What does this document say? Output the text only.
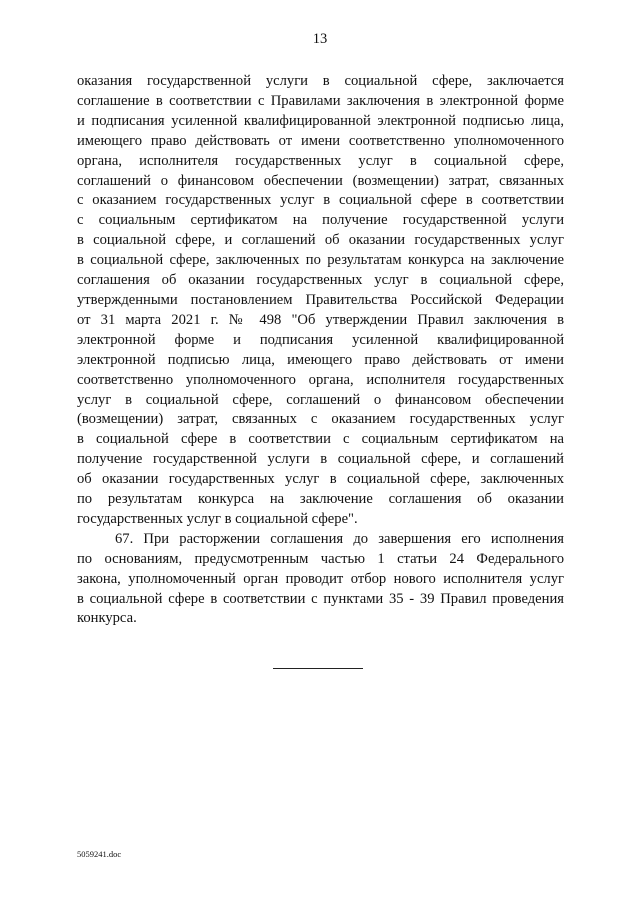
13
оказания государственной услуги в социальной сфере, заключается
соглашение в соответствии с Правилами заключения в электронной форме
и подписания усиленной квалифицированной электронной подписью лица,
имеющего право действовать от имени соответственно уполномоченного
органа, исполнителя государственных услуг в социальной сфере,
соглашений о финансовом обеспечении (возмещении) затрат, связанных
с оказанием государственных услуг в социальной сфере в соответствии
с социальным сертификатом на получение государственной услуги
в социальной сфере, и соглашений об оказании государственных услуг
в социальной сфере, заключенных по результатам конкурса на заключение
соглашения об оказании государственных услуг в социальной сфере,
утвержденными постановлением Правительства Российской Федерации
от 31 марта 2021 г. № 498 "Об утверждении Правил заключения в
электронной форме и подписания усиленной квалифицированной
электронной подписью лица, имеющего право действовать от имени
соответственно уполномоченного органа, исполнителя государственных
услуг в социальной сфере, соглашений о финансовом обеспечении
(возмещении) затрат, связанных с оказанием государственных услуг
в социальной сфере в соответствии с социальным сертификатом на
получение государственной услуги в социальной сфере, и соглашений
об оказании государственных услуг в социальной сфере, заключенных
по результатам конкурса на заключение соглашения об оказании
государственных услуг в социальной сфере".
67. При расторжении соглашения до завершения его исполнения
по основаниям, предусмотренным частью 1 статьи 24 Федерального
закона, уполномоченный орган проводит отбор нового исполнителя услуг
в социальной сфере в соответствии с пунктами 35 - 39 Правил проведения
конкурса.
5059241.doc
